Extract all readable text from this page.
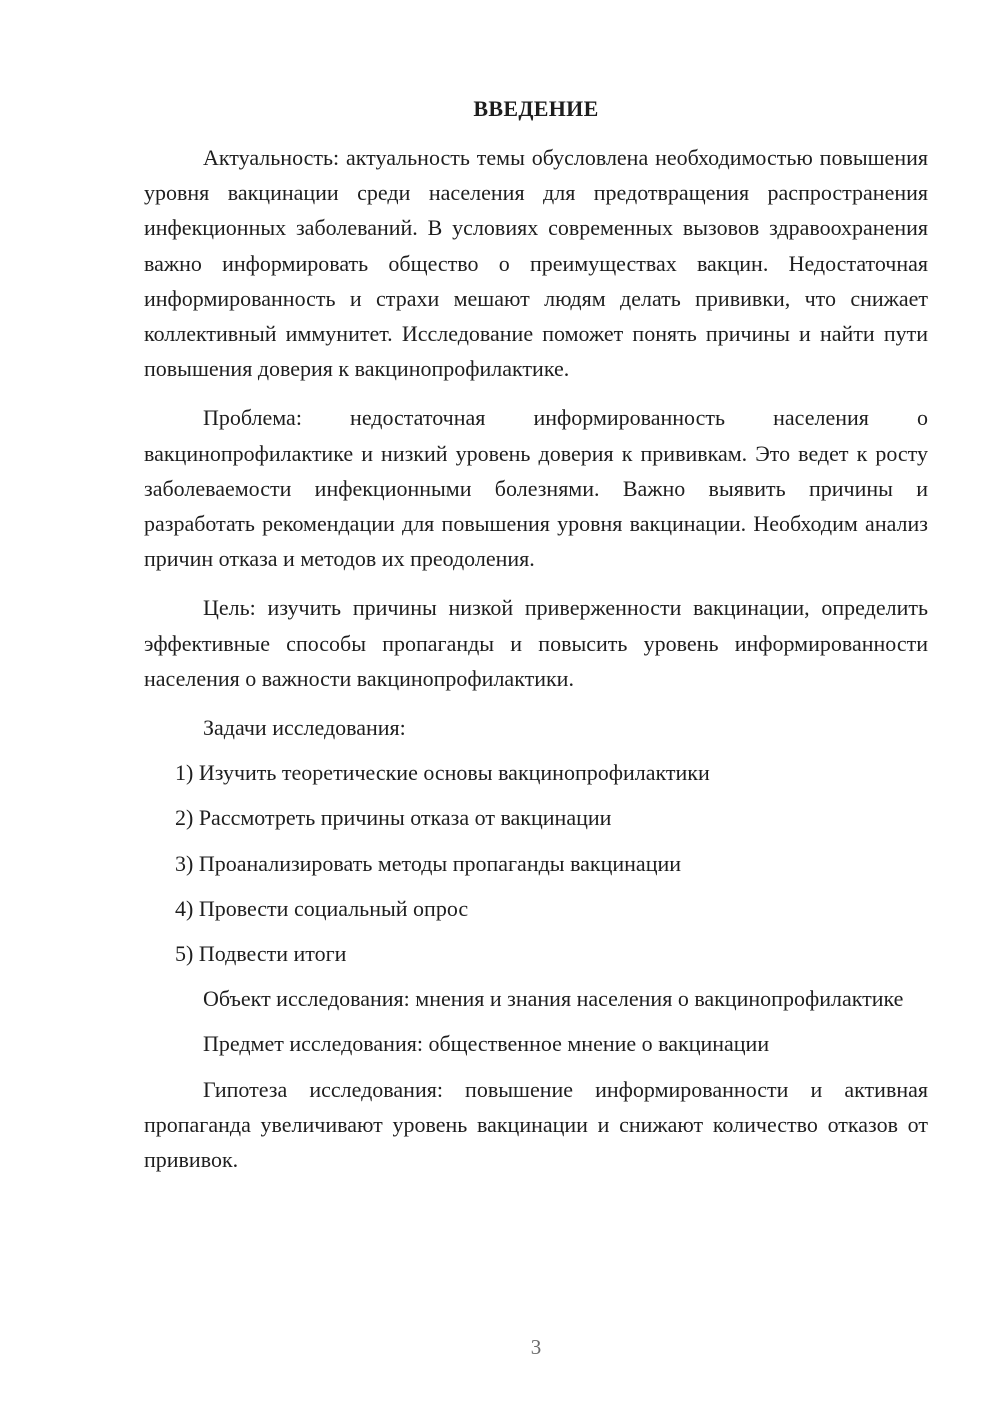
ВВЕДЕНИЕ

Актуальность: актуальность темы обусловлена необходимостью повышения уровня вакцинации среди населения для предотвращения распространения инфекционных заболеваний. В условиях современных вызовов здравоохранения важно информировать общество о преимуществах вакцин. Недостаточная информированность и страхи мешают людям делать прививки, что снижает коллективный иммунитет. Исследование поможет понять причины и найти пути повышения доверия к вакцинопрофилактике.

Проблема: недостаточная информированность населения о вакцинопрофилактике и низкий уровень доверия к прививкам. Это ведет к росту заболеваемости инфекционными болезнями. Важно выявить причины и разработать рекомендации для повышения уровня вакцинации. Необходим анализ причин отказа и методов их преодоления.

Цель: изучить причины низкой приверженности вакцинации, определить эффективные способы пропаганды и повысить уровень информированности населения о важности вакцинопрофилактики.

Задачи исследования:
1) Изучить теоретические основы вакцинопрофилактики
2) Рассмотреть причины отказа от вакцинации
3) Проанализировать методы пропаганды вакцинации
4) Провести социальный опрос
5) Подвести итоги

Объект исследования: мнения и знания населения о вакцинопрофилактике

Предмет исследования: общественное мнение о вакцинации

Гипотеза исследования: повышение информированности и активная пропаганда увеличивают уровень вакцинации и снижают количество отказов от прививок.

3
